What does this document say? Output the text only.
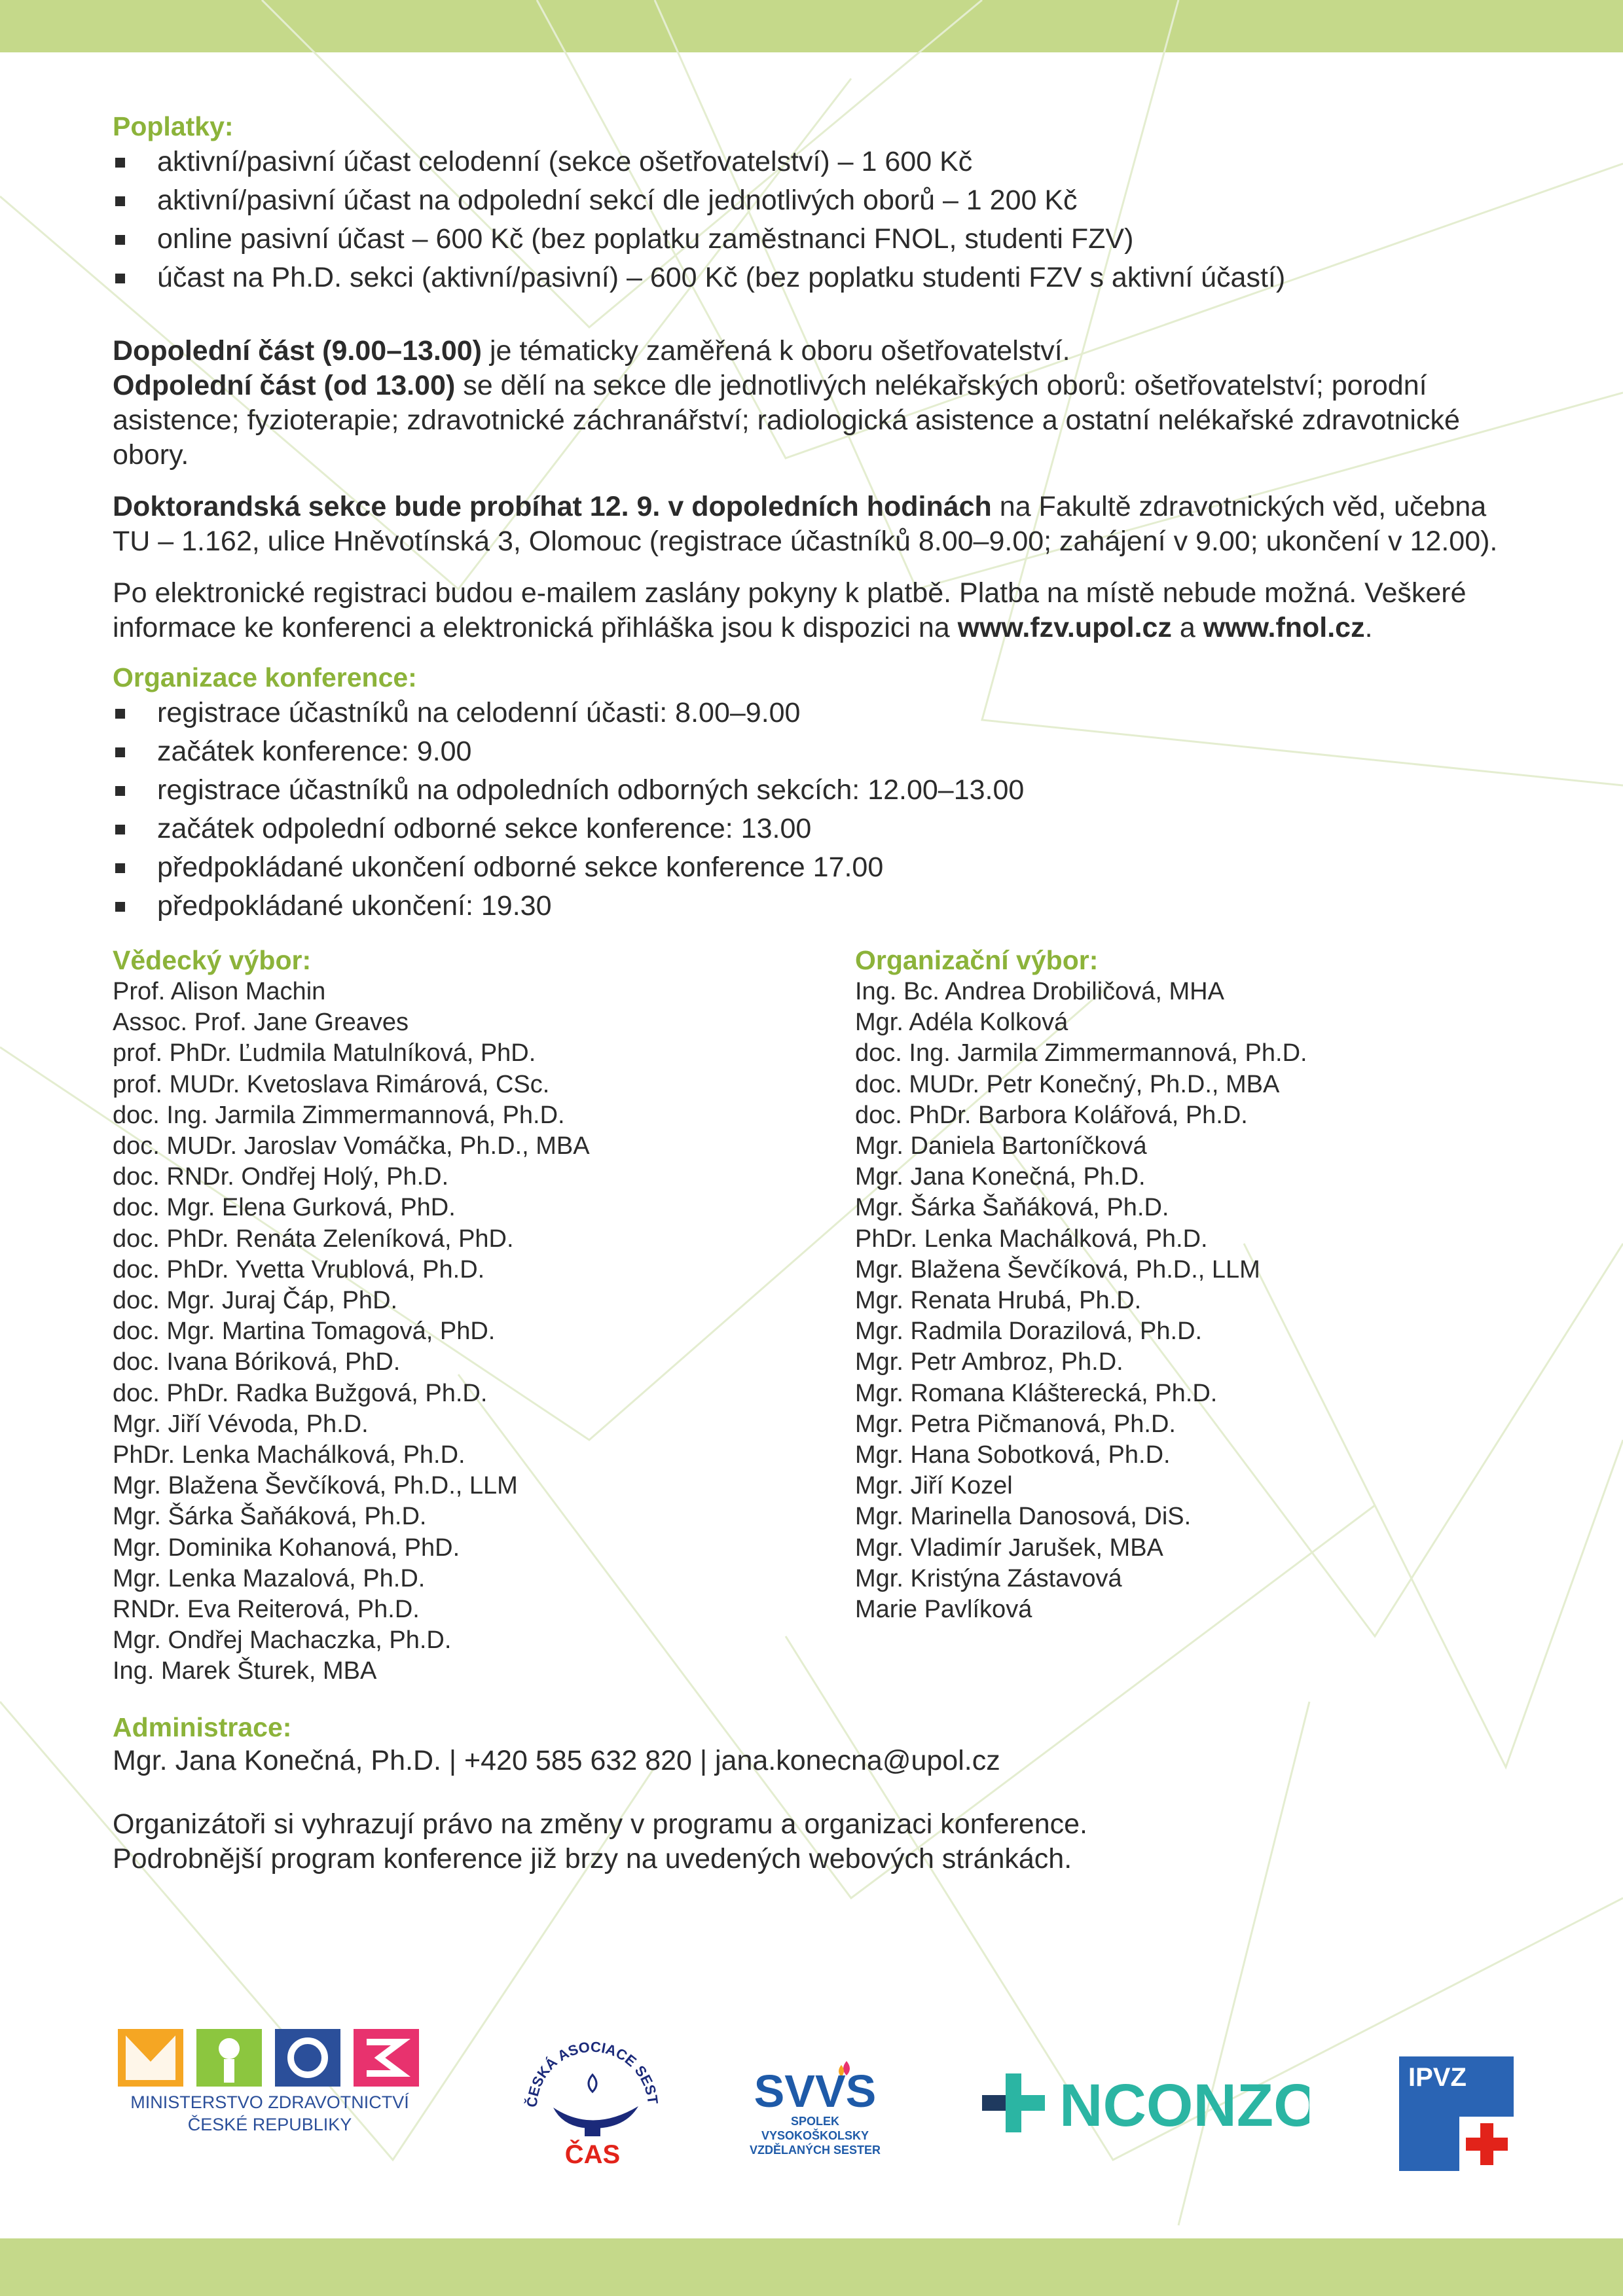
Poplatky:
aktivní/pasivní účast celodenní (sekce ošetřovatelství) – 1 600 Kč
aktivní/pasivní účast na odpolední sekcí dle jednotlivých oborů – 1 200 Kč
online pasivní účast – 600 Kč (bez poplatku zaměstnanci FNOL, studenti FZV)
účast na Ph.D. sekci (aktivní/pasivní) – 600 Kč (bez poplatku studenti FZV s aktivní účastí)

Dopolední část (9.00–13.00) je tématicky zaměřená k oboru ošetřovatelství.
Odpolední část (od 13.00) se dělí na sekce dle jednotlivých nelékařských oborů: ošetřovatelství; porodní asistence; fyzioterapie; zdravotnické záchranářství; radiologická asistence a ostatní nelékařské zdravotnické obory.

Doktorandská sekce bude probíhat 12. 9. v dopoledních hodinách na Fakultě zdravotnických věd, učebna TU – 1.162, ulice Hněvotínská 3, Olomouc (registrace účastníků 8.00–9.00; zahájení v 9.00; ukončení v 12.00).

Po elektronické registraci budou e-mailem zaslány pokyny k platbě. Platba na místě nebude možná. Veškeré informace ke konferenci a elektronická přihláška jsou k dispozici na www.fzv.upol.cz a www.fnol.cz.

Organizace konference:
registrace účastníků na celodenní účasti: 8.00–9.00
začátek konference: 9.00
registrace účastníků na odpoledních odborných sekcích: 12.00–13.00
začátek odpolední odborné sekce konference: 13.00
předpokládané ukončení odborné sekce konference 17.00
předpokládané ukončení: 19.30
Vědecký výbor:
Prof. Alison Machin
Assoc. Prof. Jane Greaves
prof. PhDr. Ľudmila Matulníková, PhD.
prof. MUDr. Kvetoslava Rimárová, CSc.
doc. Ing. Jarmila Zimmermannová, Ph.D.
doc. MUDr. Jaroslav Vomáčka, Ph.D., MBA
doc. RNDr. Ondřej Holý, Ph.D.
doc. Mgr. Elena Gurková, PhD.
doc. PhDr. Renáta Zeleníková, PhD.
doc. PhDr. Yvetta Vrublová, Ph.D.
doc. Mgr. Juraj Čáp, PhD.
doc. Mgr. Martina Tomagová, PhD.
doc. Ivana Bóriková, PhD.
doc. PhDr. Radka Bužgová, Ph.D.
Mgr. Jiří Vévoda, Ph.D.
PhDr. Lenka Machálková, Ph.D.
Mgr. Blažena Ševčíková, Ph.D., LLM
Mgr. Šárka Šaňáková, Ph.D.
Mgr. Dominika Kohanová, PhD.
Mgr. Lenka Mazalová, Ph.D.
RNDr. Eva Reiterová, Ph.D.
Mgr. Ondřej Machaczka, Ph.D.
Ing. Marek Šturek, MBA
Organizační výbor:
Ing. Bc. Andrea Drobiličová, MHA
Mgr. Adéla Kolková
doc. Ing. Jarmila Zimmermannová, Ph.D.
doc. MUDr. Petr Konečný, Ph.D., MBA
doc. PhDr. Barbora Kolářová, Ph.D.
Mgr. Daniela Bartoníčková
Mgr. Jana Konečná, Ph.D.
Mgr. Šárka Šaňáková, Ph.D.
PhDr. Lenka Machálková, Ph.D.
Mgr. Blažena Ševčíková, Ph.D., LLM
Mgr. Renata Hrubá, Ph.D.
Mgr. Radmila Dorazilová, Ph.D.
Mgr. Petr Ambroz, Ph.D.
Mgr. Romana Klášterecká, Ph.D.
Mgr. Petra Pičmanová, Ph.D.
Mgr. Hana Sobotková, Ph.D.
Mgr. Jiří Kozel
Mgr. Marinella Danosová, DiS.
Mgr. Vladimír Jarušek, MBA
Mgr. Kristýna Zástavová
Marie Pavlíková
Administrace:

Mgr. Jana Konečná, Ph.D. | +420 585 632 820 | jana.konecna@upol.cz

Organizátoři si vyhrazují právo na změny v programu a organizaci konference.
Podrobnější program konference již brzy na uvedených webových stránkách.

MINISTERSTVO ZDRAVOTNICTVÍ
ČESKÉ REPUBLIKY
ČESKÁ ASOCIACE SEST
ČAS
SVVS
SPOLEK VYSOKOŠKOLSKY
VZDĚLANÝCH SESTER
NCONZO	IPVZ
